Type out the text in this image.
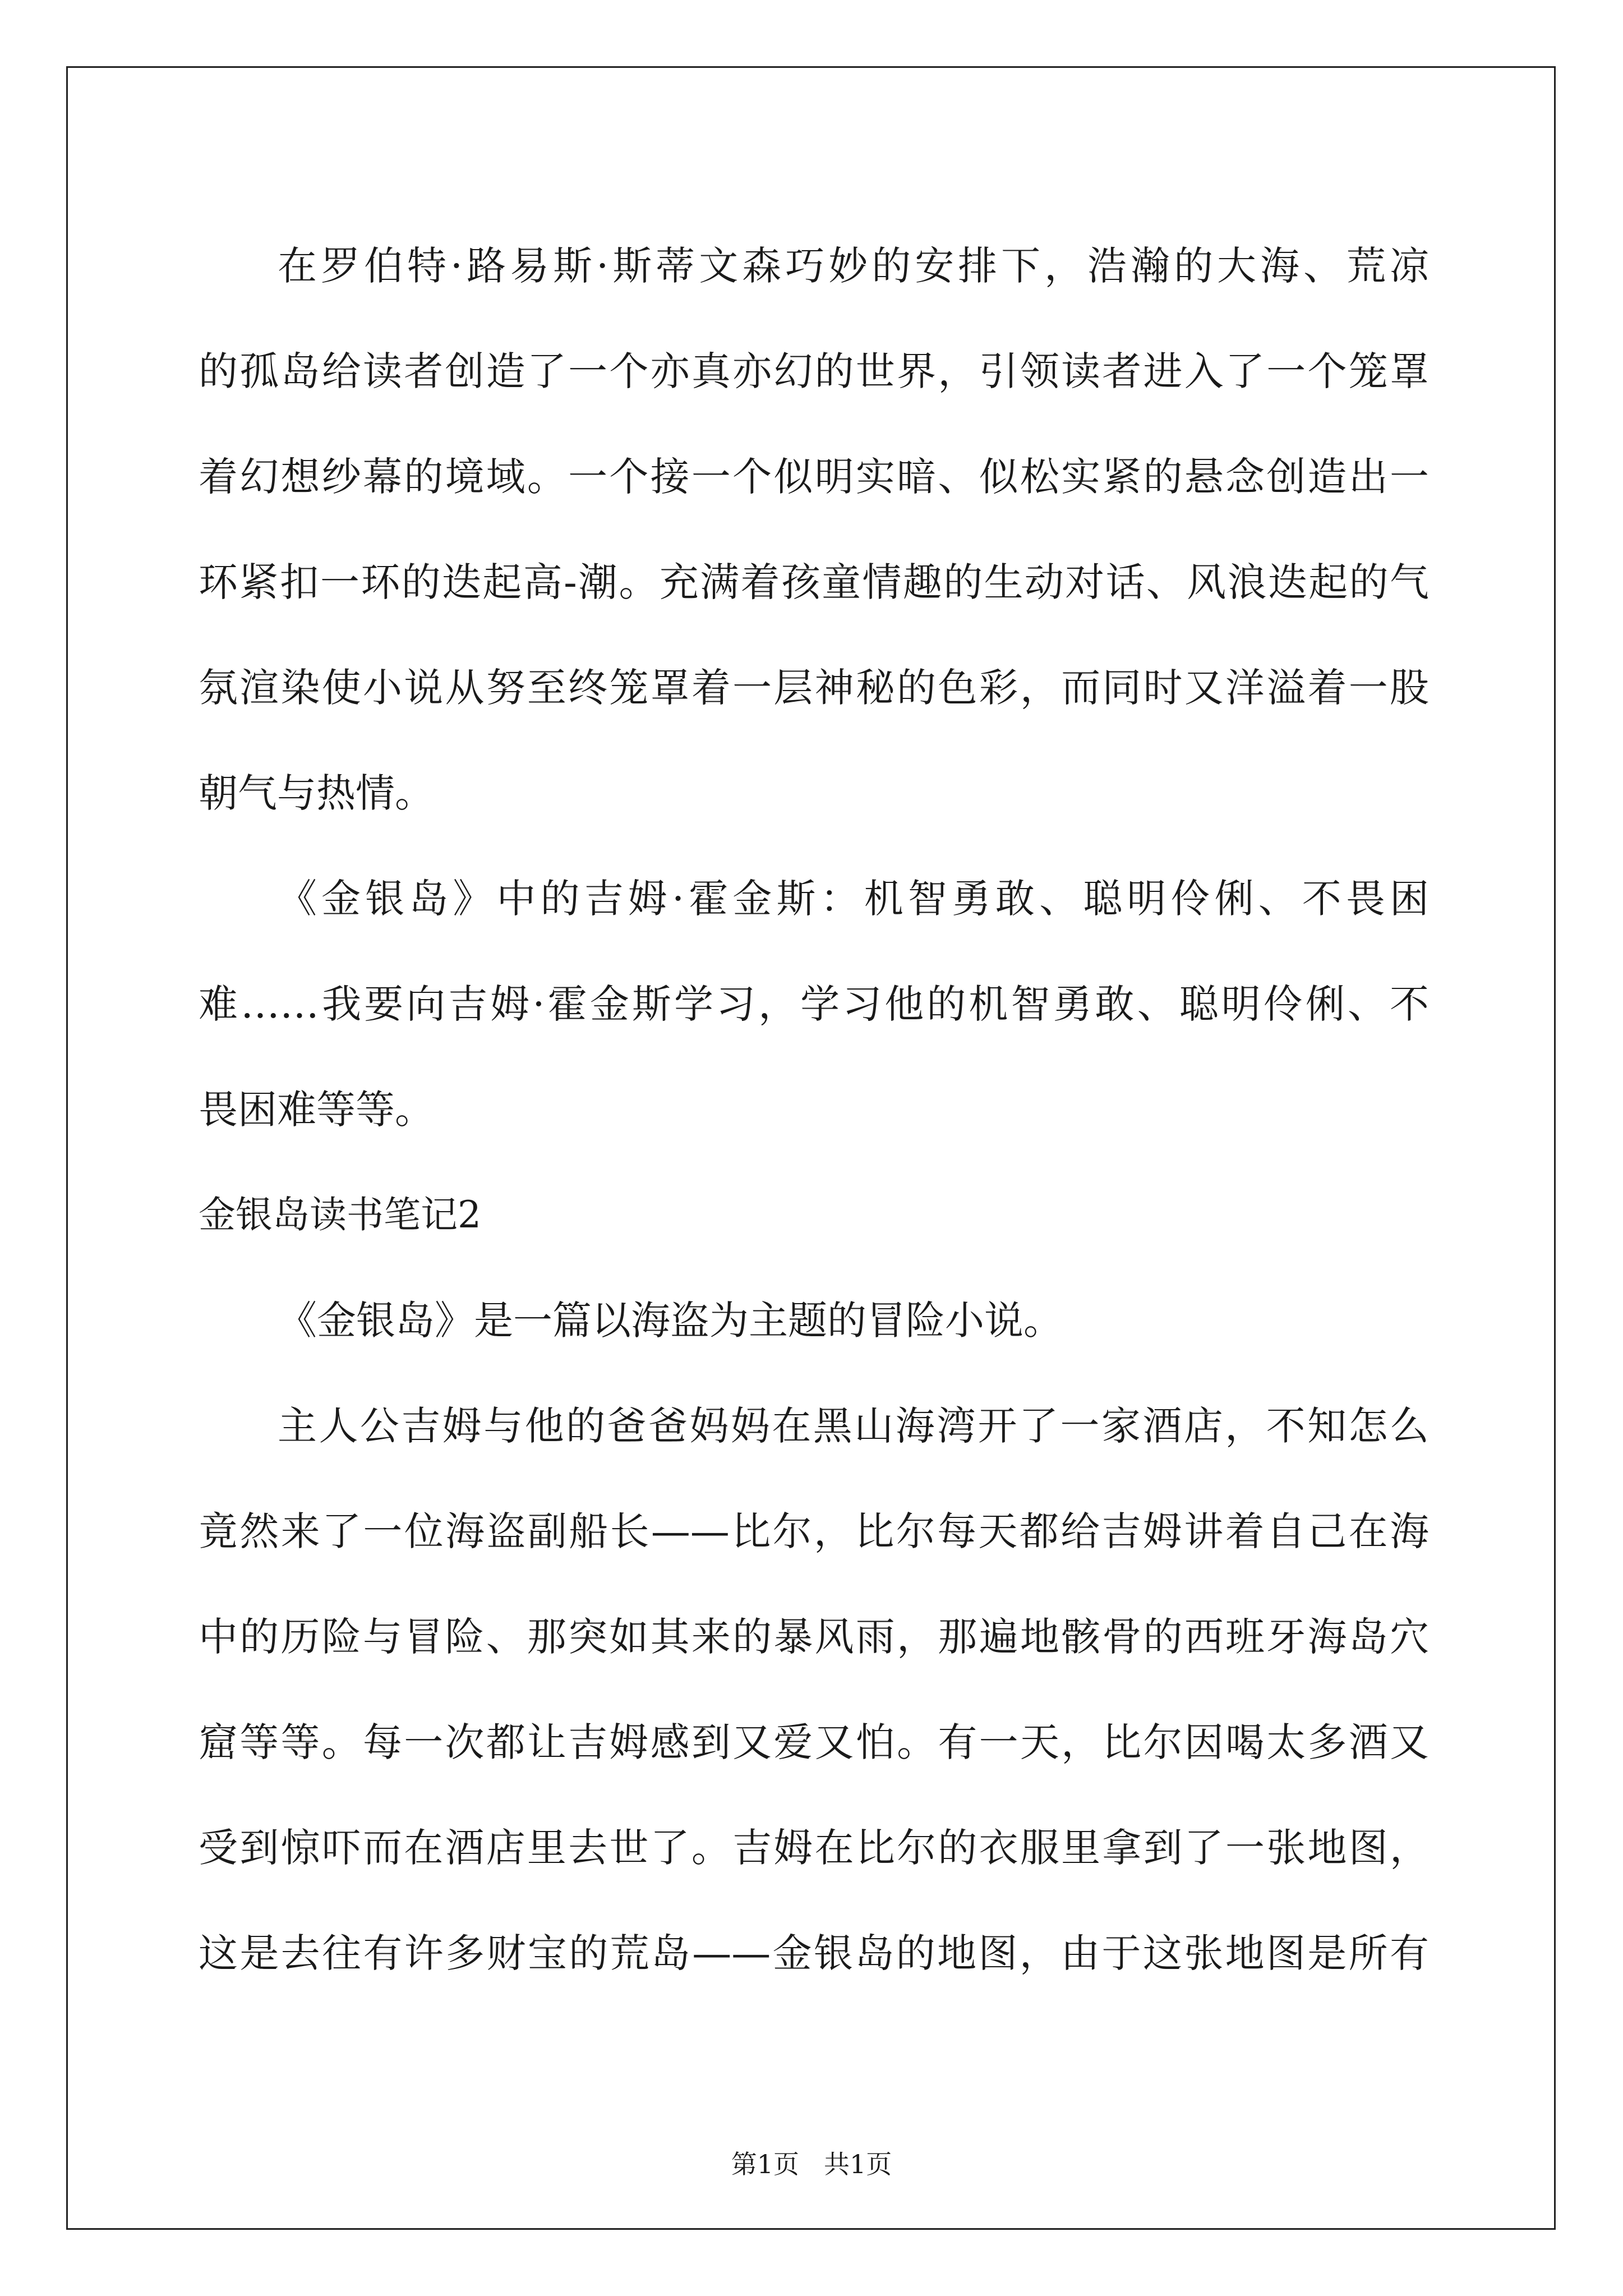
在罗伯特·路易斯·斯蒂文森巧妙的安排下，浩瀚的大海、荒凉
的孤岛给读者创造了一个亦真亦幻的世界，引领读者进入了一个笼罩
着幻想纱幕的境域。一个接一个似明实暗、似松实紧的悬念创造出一
环紧扣一环的迭起高-潮。充满着孩童情趣的生动对话、风浪迭起的气
氛渲染使小说从努至终笼罩着一层神秘的色彩，而同时又洋溢着一股
朝气与热情。
《金银岛》中的吉姆·霍金斯：机智勇敢、聪明伶俐、不畏困
难……我要向吉姆·霍金斯学习，学习他的机智勇敢、聪明伶俐、不
畏困难等等。
金银岛读书笔记2
《金银岛》是一篇以海盗为主题的冒险小说。
主人公吉姆与他的爸爸妈妈在黑山海湾开了一家酒店，不知怎么
竟然来了一位海盗副船长——比尔，比尔每天都给吉姆讲着自己在海
中的历险与冒险、那突如其来的暴风雨，那遍地骸骨的西班牙海岛穴
窟等等。每一次都让吉姆感到又爱又怕。有一天，比尔因喝太多酒又
受到惊吓而在酒店里去世了。吉姆在比尔的衣服里拿到了一张地图，
这是去往有许多财宝的荒岛——金银岛的地图，由于这张地图是所有
第1页 共1页
